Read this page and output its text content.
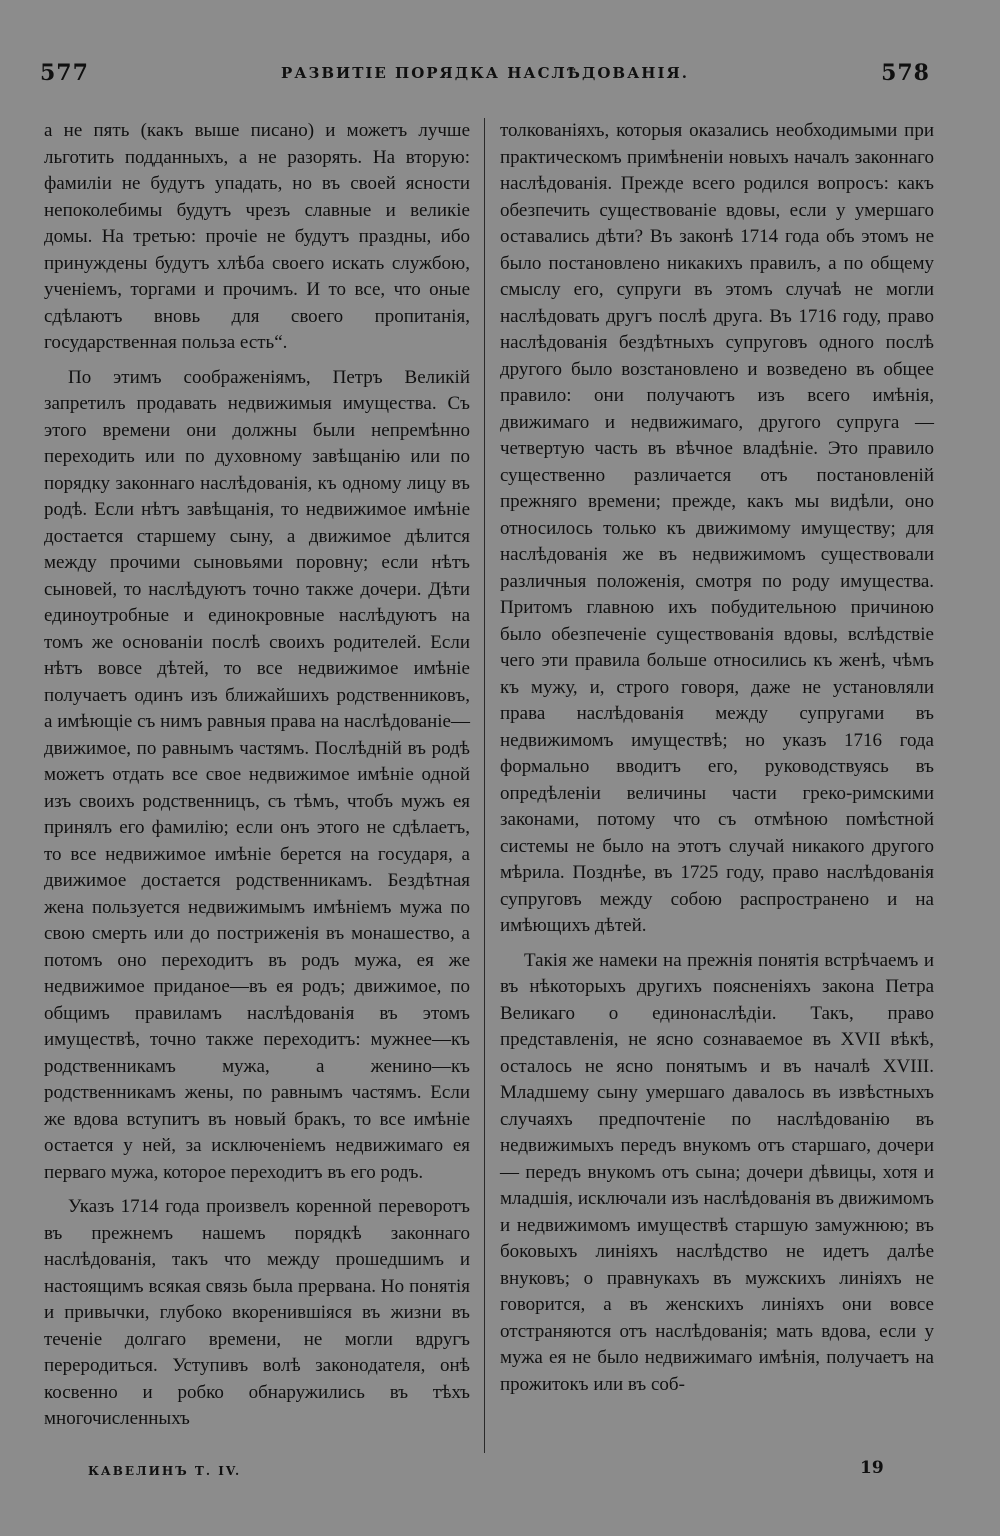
577	РАЗВИТІЕ ПОРЯДКА НАСЛѢДОВАНІЯ.	578

а не пять (какъ выше писано) и можетъ лучше льготить подданныхъ, а не разорять. На вторую: фамиліи не будутъ упадать, но въ своей ясности непоколебимы будутъ чрезъ славные и великіе домы. На третью: прочіе не будутъ праздны, ибо принуждены будутъ хлѣба своего искать службою, ученіемъ, торгами и прочимъ. И то все, что оные сдѣлаютъ вновь для своего пропитанія, государственная польза есть“.

По этимъ соображеніямъ, Петръ Великій запретилъ продавать недвижимыя имущества. Съ этого времени они должны были непремѣнно переходить или по духовному завѣщанію или по порядку законнаго наслѣдованія, къ одному лицу въ родѣ. Если нѣтъ завѣщанія, то недвижимое имѣніе достается старшему сыну, а движимое дѣлится между прочими сыновьями поровну; если нѣтъ сыновей, то наслѣдуютъ точно также дочери. Дѣти единоутробные и единокровные наслѣдуютъ на томъ же основаніи послѣ своихъ родителей. Если нѣтъ вовсе дѣтей, то все недвижимое имѣніе получаетъ одинъ изъ ближайшихъ родственниковъ, а имѣющіе съ нимъ равныя права на наслѣдованіе—движимое, по равнымъ частямъ. Послѣдній въ родѣ можетъ отдать все свое недвижимое имѣніе одной изъ своихъ родственницъ, съ тѣмъ, чтобъ мужъ ея принялъ его фамилію; если онъ этого не сдѣлаетъ, то все недвижимое имѣніе берется на государя, а движимое достается родственникамъ. Бездѣтная жена пользуется недвижимымъ имѣніемъ мужа по свою смерть или до постриженія въ монашество, а потомъ оно переходитъ въ родъ мужа, ея же недвижимое приданое—въ ея родъ; движимое, по общимъ правиламъ наслѣдованія въ этомъ имуществѣ, точно также переходитъ: мужнее—къ родственникамъ мужа, а женино—къ родственникамъ жены, по равнымъ частямъ. Если же вдова вступитъ въ новый бракъ, то все имѣніе остается у ней, за исключеніемъ недвижимаго ея перваго мужа, которое переходитъ въ его родъ.

Указъ 1714 года произвелъ коренной переворотъ въ прежнемъ нашемъ порядкѣ законнаго наслѣдованія, такъ что между прошедшимъ и настоящимъ всякая связь была прервана. Но понятія и привычки, глубоко вкоренившіяся въ жизни въ теченіе долгаго времени, не могли вдругъ переродиться. Уступивъ волѣ законодателя, онѣ косвенно и робко обнаружились въ тѣхъ многочисленныхъ

толкованіяхъ, которыя оказались необходимыми при практическомъ примѣненіи новыхъ началъ законнаго наслѣдованія. Прежде всего родился вопросъ: какъ обезпечить существованіе вдовы, если у умершаго оставались дѣти? Въ законѣ 1714 года объ этомъ не было постановлено никакихъ правилъ, а по общему смыслу его, супруги въ этомъ случаѣ не могли наслѣдовать другъ послѣ друга. Въ 1716 году, право наслѣдованія бездѣтныхъ супруговъ одного послѣ другого было возстановлено и возведено въ общее правило: они получаютъ изъ всего имѣнія, движимаго и недвижимаго, другого супруга — четвертую часть въ вѣчное владѣніе. Это правило существенно различается отъ постановленій прежняго времени; прежде, какъ мы видѣли, оно относилось только къ движимому имуществу; для наслѣдованія же въ недвижимомъ существовали различныя положенія, смотря по роду имущества. Притомъ главною ихъ побудительною причиною было обезпеченіе существованія вдовы, вслѣдствіе чего эти правила больше относились къ женѣ, чѣмъ къ мужу, и, строго говоря, даже не установляли права наслѣдованія между супругами въ недвижимомъ имуществѣ; но указъ 1716 года формально вводитъ его, руководствуясь въ опредѣленіи величины части греко-римскими законами, потому что съ отмѣною помѣстной системы не было на этотъ случай никакого другого мѣрила. Позднѣе, въ 1725 году, право наслѣдованія супруговъ между собою распространено и на имѣющихъ дѣтей.

Такія же намеки на прежнія понятія встрѣчаемъ и въ нѣкоторыхъ другихъ поясненіяхъ закона Петра Великаго о единонаслѣдіи. Такъ, право представленія, не ясно сознаваемое въ XVII вѣкѣ, осталось не ясно понятымъ и въ началѣ XVIII. Младшему сыну умершаго давалось въ извѣстныхъ случаяхъ предпочтеніе по наслѣдованію въ недвижимыхъ передъ внукомъ отъ старшаго, дочери — передъ внукомъ отъ сына; дочери дѣвицы, хотя и младшія, исключали изъ наслѣдованія въ движимомъ и недвижимомъ имуществѣ старшую замужнюю; въ боковыхъ линіяхъ наслѣдство не идетъ далѣе внуковъ; о правнукахъ въ мужскихъ линіяхъ не говорится, а въ женскихъ линіяхъ они вовсе отстраняются отъ наслѣдованія; мать вдова, если у мужа ея не было недвижимаго имѣнія, получаетъ на прожитокъ или въ соб-

КАВЕЛИНЪ Т. IV.	19
